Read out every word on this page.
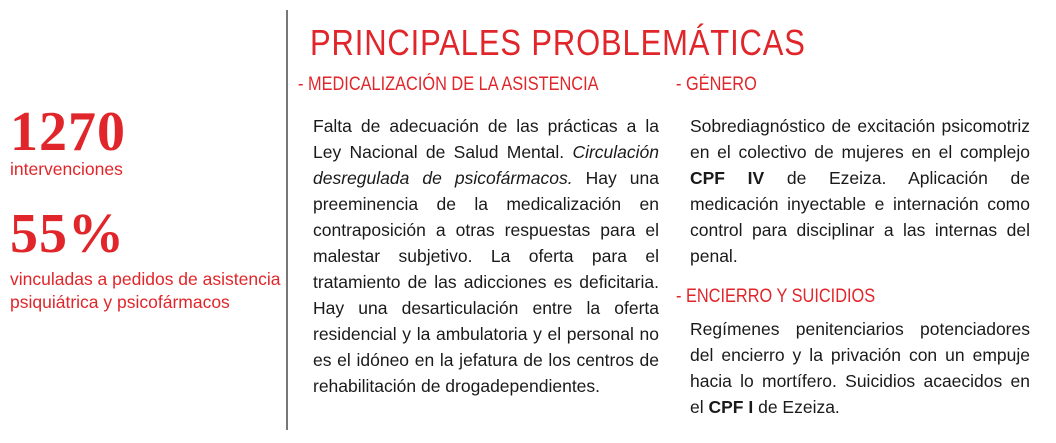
1270
intervenciones
55%
vinculadas a pedidos de asistencia psiquiátrica y psicofármacos
PRINCIPALES PROBLEMÁTICAS
- MEDICALIZACIÓN DE LA ASISTENCIA
Falta de adecuación de las prácticas a la Ley Nacional de Salud Mental. Circulación desregulada de psicofármacos. Hay una preeminencia de la medicalización en contraposición a otras respuestas para el malestar subjetivo. La oferta para el tratamiento de las adicciones es deficitaria. Hay una desarticulación entre la oferta residencial y la ambulatoria y el personal no es el idóneo en la jefatura de los centros de rehabilitación de drogadependientes.
- GÉNERO
Sobrediagnóstico de excitación psicomotriz en el colectivo de mujeres en el complejo CPF IV de Ezeiza. Aplicación de medicación inyectable e internación como control para disciplinar a las internas del penal.
- ENCIERRO Y SUICIDIOS
Regímenes penitenciarios potenciadores del encierro y la privación con un empuje hacia lo mortífero. Suicidios acaecidos en el CPF I de Ezeiza.
